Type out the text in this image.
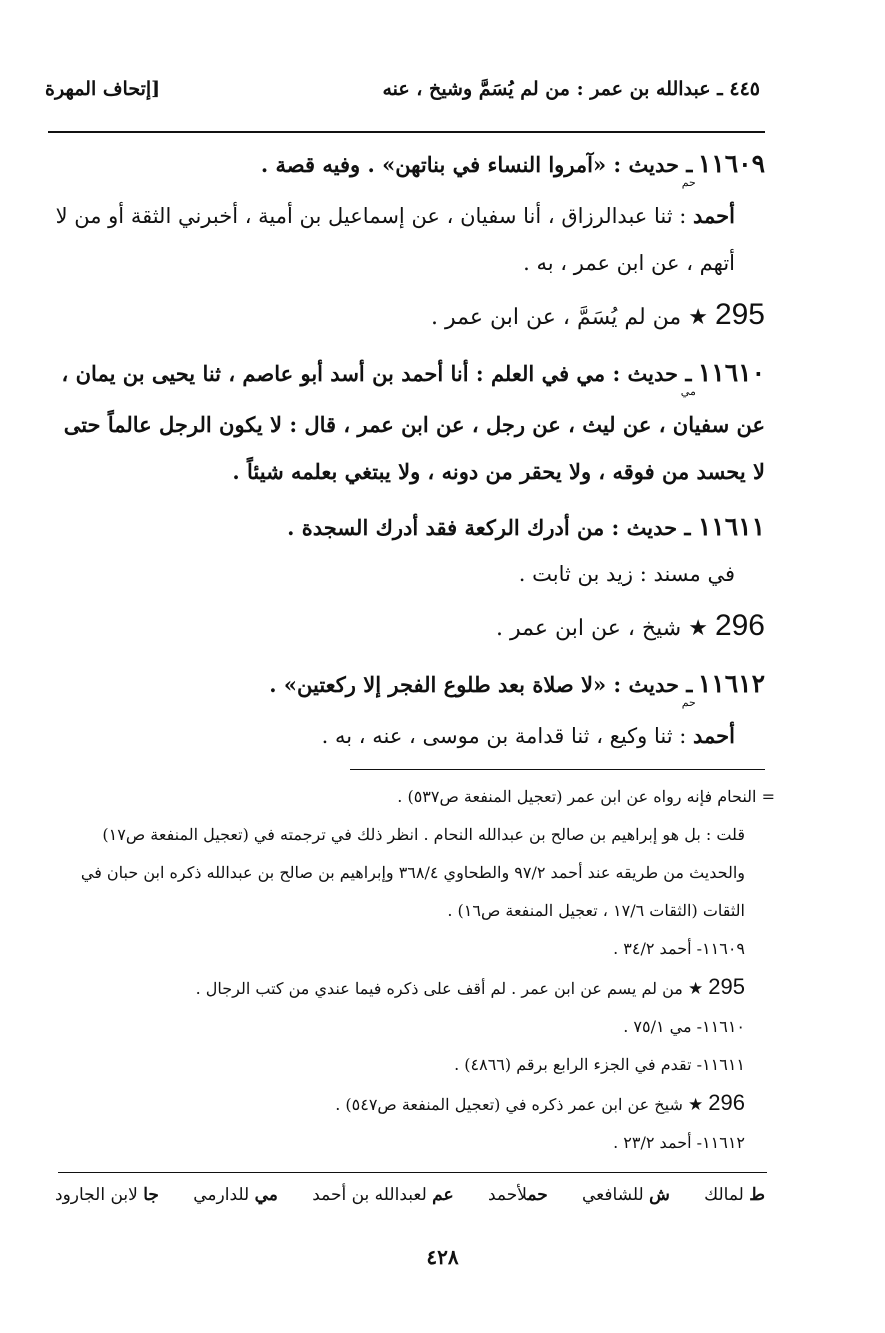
٤٤٥ ـ عبدالله بن عمر : من لم يُسَمَّ وشيخ ، عنه
[إتحاف المهرة

$١١٦٠٩_{حم}$ ـ حديث : «آمروا النساء في بناتهن» . وفيه قصة .

أحمد : ثنا عبدالرزاق ، أنا سفيان ، عن إسماعيل بن أمية ، أخبرني الثقة أو من لا أتهم ، عن ابن عمر ، به .

295 ★ من لم يُسَمَّ ، عن ابن عمر .

$١١٦١٠_{مي}$ ـ حديث : مي في العلم : أنا أحمد بن أسد أبو عاصم ، ثنا يحيى بن يمان ، عن سفيان ، عن ليث ، عن رجل ، عن ابن عمر ، قال : لا يكون الرجل عالماً حتى لا يحسد من فوقه ، ولا يحقر من دونه ، ولا يبتغي بعلمه شيئاً .

١١٦١١ ـ حديث : من أدرك الركعة فقد أدرك السجدة .

في مسند : زيد بن ثابت .

296 ★ شيخ ، عن ابن عمر .

$١١٦١٢_{حم}$ ـ حديث : «لا صلاة بعد طلوع الفجر إلا ركعتين» .

أحمد : ثنا وكيع ، ثنا قدامة بن موسى ، عنه ، به .

= النحام فإنه رواه عن ابن عمر (تعجيل المنفعة ص٥٣٧) .

قلت : بل هو إبراهيم بن صالح بن عبدالله النحام . انظر ذلك في ترجمته في (تعجيل المنفعة ص١٧) والحديث من طريقه عند أحمد ٩٧/٢ والطحاوي ٣٦٨/٤ وإبراهيم بن صالح بن عبدالله ذكره ابن حبان في الثقات (الثقات ١٧/٦ ، تعجيل المنفعة ص١٦) .

١١٦٠٩- أحمد ٣٤/٢ .

295 ★ من لم يسم عن ابن عمر . لم أقف على ذكره فيما عندي من كتب الرجال .

١١٦١٠- مي ٧٥/١ .

١١٦١١- تقدم في الجزء الرابع برقم (٤٨٦٦) .

296 ★ شيخ عن ابن عمر ذكره في (تعجيل المنفعة ص٥٤٧) .

١١٦١٢- أحمد ٢٣/٢ .

ط لمالك
ش للشافعي
حملأحمد
عم لعبدالله بن أحمد
مي للدارمي
جا لابن الجارود
٤٢٨
